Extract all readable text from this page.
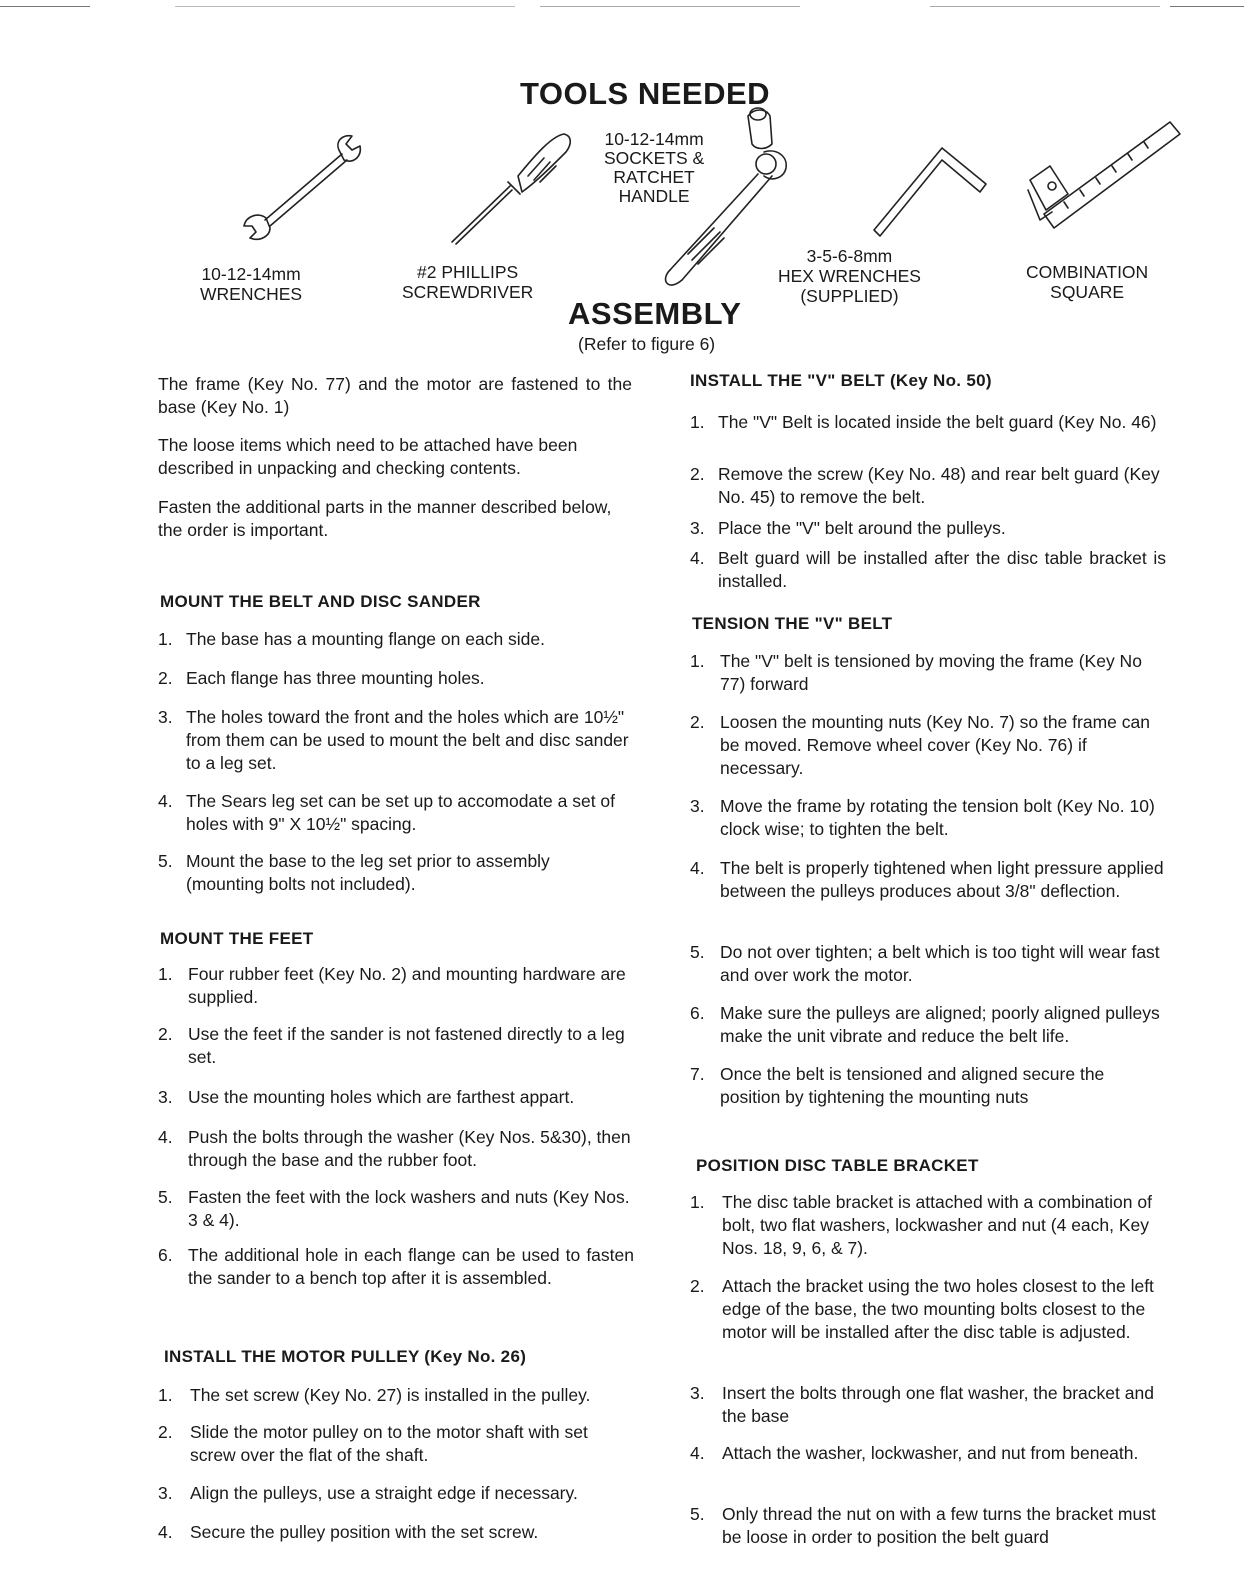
TOOLS NEEDED
10-12-14mm
WRENCHES
#2 PHILLIPS
SCREWDRIVER
10-12-14mm
SOCKETS &
RATCHET
HANDLE
3-5-6-8mm
HEX WRENCHES
(SUPPLIED)
COMBINATION
SQUARE
ASSEMBLY
(Refer to figure 6)

The frame (Key No. 77) and the motor are fastened to the base (Key No. 1)

The loose items which need to be attached have been described in unpacking and checking contents.

Fasten the additional parts in the manner described below, the order is important.

MOUNT THE BELT AND DISC SANDER
1. The base has a mounting flange on each side.
2. Each flange has three mounting holes.
3. The holes toward the front and the holes which are 10½" from them can be used to mount the belt and disc sander to a leg set.
4. The Sears leg set can be set up to accomodate a set of holes with 9" X 10½" spacing.
5. Mount the base to the leg set prior to assembly (mounting bolts not included).
MOUNT THE FEET
1. Four rubber feet (Key No. 2) and mounting hardware are supplied.
2. Use the feet if the sander is not fastened directly to a leg set.
3. Use the mounting holes which are farthest appart.
4. Push the bolts through the washer (Key Nos. 5&30), then through the base and the rubber foot.
5. Fasten the feet with the lock washers and nuts (Key Nos. 3 & 4).
6. The additional hole in each flange can be used to fasten the sander to a bench top after it is assembled.
INSTALL THE MOTOR PULLEY (Key No. 26)
1. The set screw (Key No. 27) is installed in the pulley.
2. Slide the motor pulley on to the motor shaft with set screw over the flat of the shaft.
3. Align the pulleys, use a straight edge if necessary.
4. Secure the pulley position with the set screw.
INSTALL THE "V" BELT (Key No. 50)
1. The "V" Belt is located inside the belt guard (Key No. 46)
2. Remove the screw (Key No. 48) and rear belt guard (Key No. 45) to remove the belt.
3. Place the "V" belt around the pulleys.
4. Belt guard will be installed after the disc table bracket is installed.
TENSION THE "V" BELT
1. The "V" belt is tensioned by moving the frame (Key No 77) forward
2. Loosen the mounting nuts (Key No. 7) so the frame can be moved. Remove wheel cover (Key No. 76) if necessary.
3. Move the frame by rotating the tension bolt (Key No. 10) clock wise; to tighten the belt.
4. The belt is properly tightened when light pressure applied between the pulleys produces about 3/8" deflection.
5. Do not over tighten; a belt which is too tight will wear fast and over work the motor.
6. Make sure the pulleys are aligned; poorly aligned pulleys make the unit vibrate and reduce the belt life.
7. Once the belt is tensioned and aligned secure the position by tightening the mounting nuts
POSITION DISC TABLE BRACKET
1. The disc table bracket is attached with a combination of bolt, two flat washers, lockwasher and nut (4 each, Key Nos. 18, 9, 6, & 7).
2. Attach the bracket using the two holes closest to the left edge of the base, the two mounting bolts closest to the motor will be installed after the disc table is adjusted.
3. Insert the bolts through one flat washer, the bracket and the base
4. Attach the washer, lockwasher, and nut from beneath.
5. Only thread the nut on with a few turns the bracket must be loose in order to position the belt guard
